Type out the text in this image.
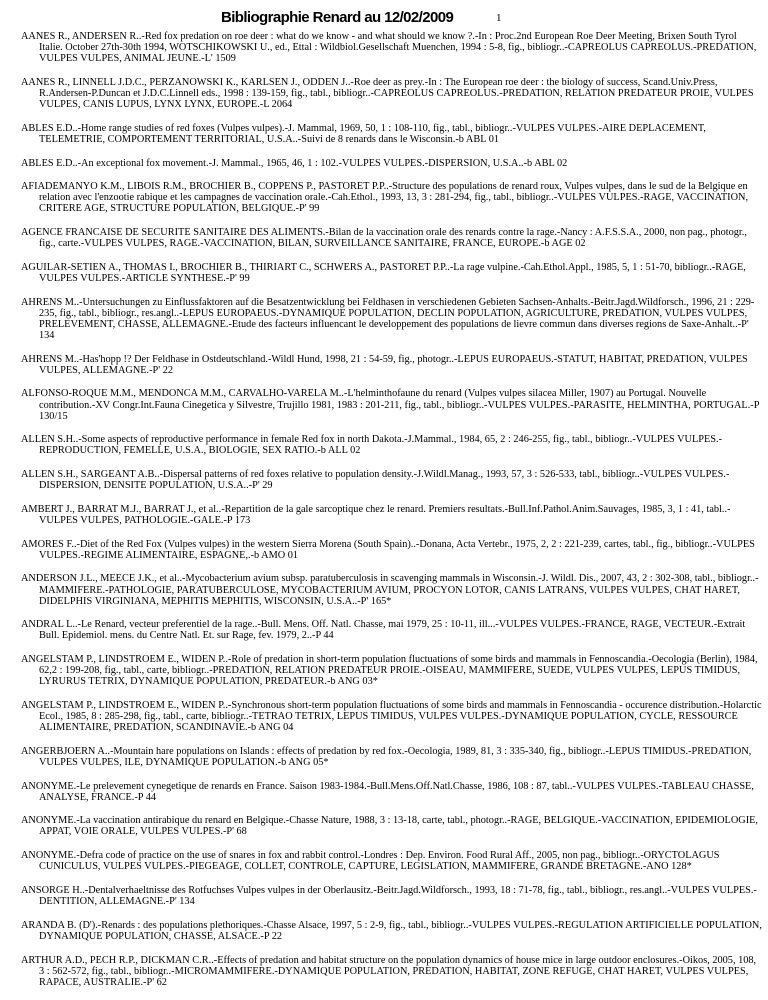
Bibliographie Renard au 12/02/2009	1

AANES R., ANDERSEN R..-Red fox predation on roe deer : what do we know - and what should we know ?.-In : Proc.2nd European Roe Deer Meeting, Brixen South Tyrol Italie. October 27th-30th 1994, WOTSCHIKOWSKI U., ed., Ettal : Wildbiol.Gesellschaft Muenchen, 1994 : 5-8, fig., bibliogr..-CAPREOLUS CAPREOLUS.-PREDATION, VULPES VULPES, ANIMAL JEUNE.-L' 1509

AANES R., LINNELL J.D.C., PERZANOWSKI K., KARLSEN J., ODDEN J..-Roe deer as prey.-In : The European roe deer : the biology of success, Scand.Univ.Press, R.Andersen-P.Duncan et J.D.C.Linnell eds., 1998 : 139-159, fig., tabl., bibliogr..-CAPREOLUS CAPREOLUS.-PREDATION, RELATION PREDATEUR PROIE, VULPES VULPES, CANIS LUPUS, LYNX LYNX, EUROPE.-L 2064

ABLES E.D..-Home range studies of red foxes (Vulpes vulpes).-J. Mammal, 1969, 50, 1 : 108-110, fig., tabl., bibliogr..-VULPES VULPES.-AIRE DEPLACEMENT, TELEMETRIE, COMPORTEMENT TERRITORIAL, U.S.A..-Suivi de 8 renards dans le Wisconsin.-b ABL 01

ABLES E.D..-An exceptional fox movement.-J. Mammal., 1965, 46, 1 : 102.-VULPES VULPES.-DISPERSION, U.S.A..-b ABL 02

AFIADEMANYO K.M., LIBOIS R.M., BROCHIER B., COPPENS P., PASTORET P.P..-Structure des populations de renard roux, Vulpes vulpes, dans le sud de la Belgique en relation avec l'enzootie rabique et les campagnes de vaccination orale.-Cah.Ethol., 1993, 13, 3 : 281-294, fig., tabl., bibliogr..-VULPES VULPES.-RAGE, VACCINATION, CRITERE AGE, STRUCTURE POPULATION, BELGIQUE.-P' 99

AGENCE FRANCAISE DE SECURITE SANITAIRE DES ALIMENTS.-Bilan de la vaccination orale des renards contre la rage.-Nancy : A.F.S.S.A., 2000, non pag., photogr., fig., carte.-VULPES VULPES, RAGE.-VACCINATION, BILAN, SURVEILLANCE SANITAIRE, FRANCE, EUROPE.-b AGE 02

AGUILAR-SETIEN A., THOMAS I., BROCHIER B., THIRIART C., SCHWERS A., PASTORET P.P..-La rage vulpine.-Cah.Ethol.Appl., 1985, 5, 1 : 51-70, bibliogr..-RAGE, VULPES VULPES.-ARTICLE SYNTHESE.-P' 99

AHRENS M..-Untersuchungen zu Einflussfaktoren auf die Besatzentwicklung bei Feldhasen in verschiedenen Gebieten Sachsen-Anhalts.-Beitr.Jagd.Wildforsch., 1996, 21 : 229-235, fig., tabl., bibliogr., res.angl..-LEPUS EUROPAEUS.-DYNAMIQUE POPULATION, DECLIN POPULATION, AGRICULTURE, PREDATION, VULPES VULPES, PRELEVEMENT, CHASSE, ALLEMAGNE.-Etude des facteurs influencant le developpement des populations de lievre commun dans diverses regions de Saxe-Anhalt..-P' 134

AHRENS M..-Has'hopp !? Der Feldhase in Ostdeutschland.-Wildl Hund, 1998, 21 : 54-59, fig., photogr..-LEPUS EUROPAEUS.-STATUT, HABITAT, PREDATION, VULPES VULPES, ALLEMAGNE.-P' 22

ALFONSO-ROQUE M.M., MENDONCA M.M., CARVALHO-VARELA M..-L'helminthofaune du renard (Vulpes vulpes silacea Miller, 1907) au Portugal. Nouvelle contribution.-XV Congr.Int.Fauna Cinegetica y Silvestre, Trujillo 1981, 1983 : 201-211, fig., tabl., bibliogr..-VULPES VULPES.-PARASITE, HELMINTHA, PORTUGAL.-P 130/15

ALLEN S.H..-Some aspects of reproductive performance in female Red fox in north Dakota.-J.Mammal., 1984, 65, 2 : 246-255, fig., tabl., bibliogr..-VULPES VULPES.-REPRODUCTION, FEMELLE, U.S.A., BIOLOGIE, SEX RATIO.-b ALL 02

ALLEN S.H., SARGEANT A.B..-Dispersal patterns of red foxes relative to population density.-J.Wildl.Manag., 1993, 57, 3 : 526-533, tabl., bibliogr..-VULPES VULPES.-DISPERSION, DENSITE POPULATION, U.S.A..-P' 29

AMBERT J., BARRAT M.J., BARRAT J., et al..-Repartition de la gale sarcoptique chez le renard. Premiers resultats.-Bull.Inf.Pathol.Anim.Sauvages, 1985, 3, 1 : 41, tabl..-VULPES VULPES, PATHOLOGIE.-GALE.-P 173

AMORES F..-Diet of the Red Fox (Vulpes vulpes) in the western Sierra Morena (South Spain)..-Donana, Acta Vertebr., 1975, 2, 2 : 221-239, cartes, tabl., fig., bibliogr..-VULPES VULPES.-REGIME ALIMENTAIRE, ESPAGNE,.-b AMO 01

ANDERSON J.L., MEECE J.K., et al..-Mycobacterium avium subsp. paratuberculosis in scavenging mammals in Wisconsin.-J. Wildl. Dis., 2007, 43, 2 : 302-308, tabl., bibliogr..-MAMMIFERE.-PATHOLOGIE, PARATUBERCULOSE, MYCOBACTERIUM AVIUM, PROCYON LOTOR, CANIS LATRANS, VULPES VULPES, CHAT HARET, DIDELPHIS VIRGINIANA, MEPHITIS MEPHITIS, WISCONSIN, U.S.A..-P' 165*

ANDRAL L..-Le Renard, vecteur preferentiel de la rage..-Bull. Mens. Off. Natl. Chasse, mai 1979, 25 : 10-11, ill...-VULPES VULPES.-FRANCE, RAGE, VECTEUR.-Extrait Bull. Epidemiol. mens. du Centre Natl. Et. sur Rage, fev. 1979, 2..-P 44

ANGELSTAM P., LINDSTROEM E., WIDEN P..-Role of predation in short-term population fluctuations of some birds and mammals in Fennoscandia.-Oecologia (Berlin), 1984, 62,2 : 199-208, fig., tabl., carte, bibliogr..-PREDATION, RELATION PREDATEUR PROIE.-OISEAU, MAMMIFERE, SUEDE, VULPES VULPES, LEPUS TIMIDUS, LYRURUS TETRIX, DYNAMIQUE POPULATION, PREDATEUR.-b ANG 03*

ANGELSTAM P., LINDSTROEM E., WIDEN P..-Synchronous short-term population fluctuations of some birds and mammals in Fennoscandia - occurence distribution.-Holarctic Ecol., 1985, 8 : 285-298, fig., tabl., carte, bibliogr..-TETRAO TETRIX, LEPUS TIMIDUS, VULPES VULPES.-DYNAMIQUE POPULATION, CYCLE, RESSOURCE ALIMENTAIRE, PREDATION, SCANDINAVIE.-b ANG 04

ANGERBJOERN A..-Mountain hare populations on Islands : effects of predation by red fox.-Oecologia, 1989, 81, 3 : 335-340, fig., bibliogr..-LEPUS TIMIDUS.-PREDATION, VULPES VULPES, ILE, DYNAMIQUE POPULATION.-b ANG 05*

ANONYME.-Le prelevement cynegetique de renards en France. Saison 1983-1984.-Bull.Mens.Off.Natl.Chasse, 1986, 108 : 87, tabl..-VULPES VULPES.-TABLEAU CHASSE, ANALYSE, FRANCE.-P 44

ANONYME.-La vaccination antirabique du renard en Belgique.-Chasse Nature, 1988, 3 : 13-18, carte, tabl., photogr..-RAGE, BELGIQUE.-VACCINATION, EPIDEMIOLOGIE, APPAT, VOIE ORALE, VULPES VULPES.-P' 68

ANONYME.-Defra code of practice on the use of snares in fox and rabbit control.-Londres : Dep. Environ. Food Rural Aff., 2005, non pag., bibliogr..-ORYCTOLAGUS CUNICULUS, VULPES VULPES.-PIEGEAGE, COLLET, CONTROLE, CAPTURE, LEGISLATION, MAMMIFERE, GRANDE BRETAGNE.-ANO 128*

ANSORGE H..-Dentalverhaeltnisse des Rotfuchses Vulpes vulpes in der Oberlausitz.-Beitr.Jagd.Wildforsch., 1993, 18 : 71-78, fig., tabl., bibliogr., res.angl..-VULPES VULPES.-DENTITION, ALLEMAGNE.-P' 134

ARANDA B. (D').-Renards : des populations plethoriques.-Chasse Alsace, 1997, 5 : 2-9, fig., tabl., bibliogr..-VULPES VULPES.-REGULATION ARTIFICIELLE POPULATION, DYNAMIQUE POPULATION, CHASSE, ALSACE.-P 22

ARTHUR A.D., PECH R.P., DICKMAN C.R..-Effects of predation and habitat structure on the population dynamics of house mice in large outdoor enclosures.-Oikos, 2005, 108, 3 : 562-572, fig., tabl., bibliogr..-MICROMAMMIFERE.-DYNAMIQUE POPULATION, PREDATION, HABITAT, ZONE REFUGE, CHAT HARET, VULPES VULPES, RAPACE, AUSTRALIE.-P' 62
